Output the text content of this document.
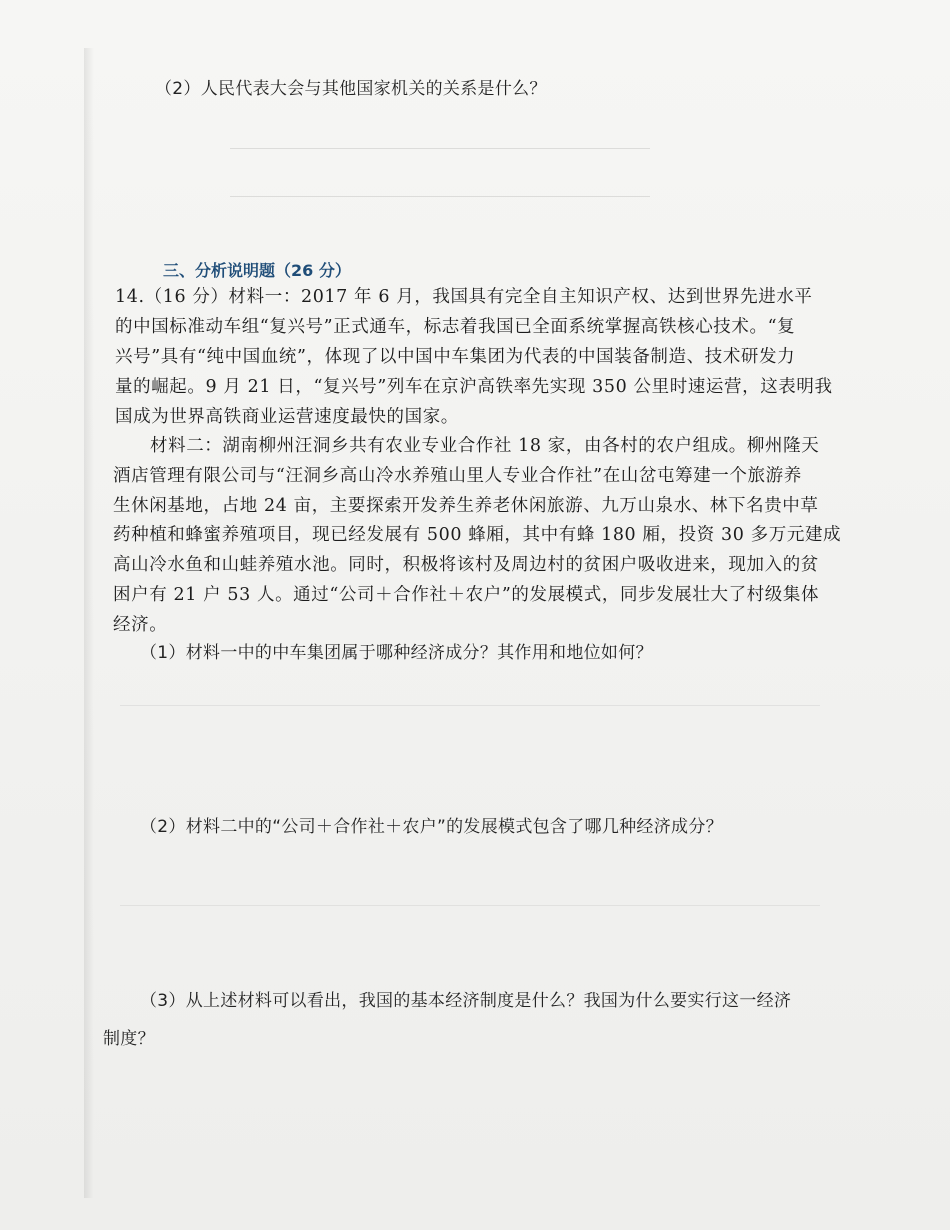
（2）人民代表大会与其他国家机关的关系是什么？
三、分析说明题（26 分）
14.（16 分）材料一：2017 年 6 月，我国具有完全自主知识产权、达到世界先进水平
的中国标准动车组“复兴号”正式通车，标志着我国已全面系统掌握高铁核心技术。“复
兴号”具有“纯中国血统”，体现了以中国中车集团为代表的中国装备制造、技术研发力
量的崛起。9 月 21 日，“复兴号”列车在京沪高铁率先实现 350 公里时速运营，这表明我
国成为世界高铁商业运营速度最快的国家。
材料二：湖南柳州汪洞乡共有农业专业合作社 18 家，由各村的农户组成。柳州隆天
酒店管理有限公司与“汪洞乡高山冷水养殖山里人专业合作社”在山岔屯筹建一个旅游养
生休闲基地，占地 24 亩，主要探索开发养生养老休闲旅游、九万山泉水、林下名贵中草
药种植和蜂蜜养殖项目，现已经发展有 500 蜂厢，其中有蜂 180 厢，投资 30 多万元建成
高山冷水鱼和山蛙养殖水池。同时，积极将该村及周边村的贫困户吸收进来，现加入的贫
困户有 21 户 53 人。通过“公司＋合作社＋农户”的发展模式，同步发展壮大了村级集体
经济。
（1）材料一中的中车集团属于哪种经济成分？其作用和地位如何？
（2）材料二中的“公司＋合作社＋农户”的发展模式包含了哪几种经济成分？
（3）从上述材料可以看出，我国的基本经济制度是什么？我国为什么要实行这一经济
制度？
